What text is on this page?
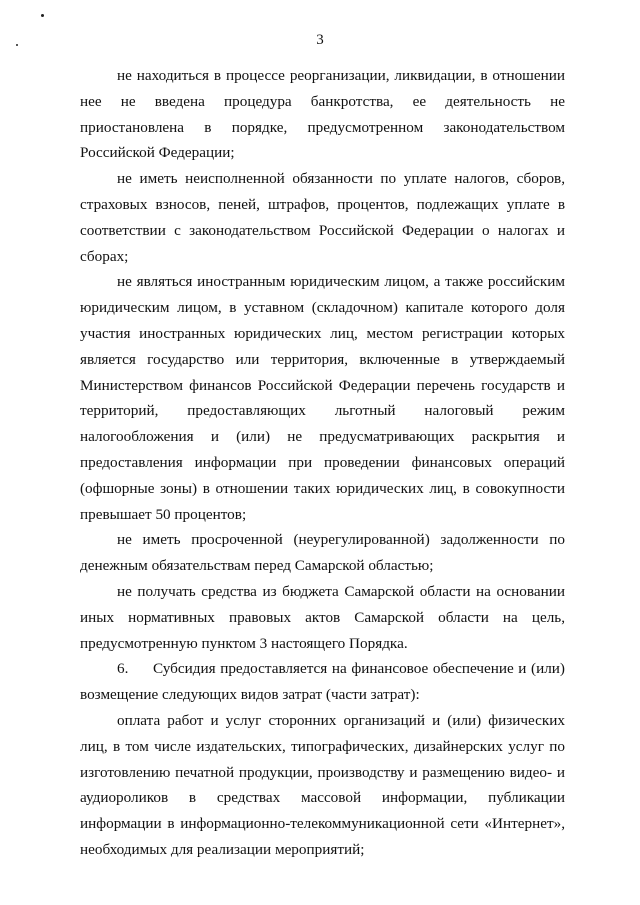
3

не находиться в процессе реорганизации, ликвидации, в отношении нее не введена процедура банкротства, ее деятельность не приостановлена в порядке, предусмотренном законодательством Российской Федерации;

не иметь неисполненной обязанности по уплате налогов, сборов, страховых взносов, пеней, штрафов, процентов, подлежащих уплате в соответствии с законодательством Российской Федерации о налогах и сборах;

не являться иностранным юридическим лицом, а также российским юридическим лицом, в уставном (складочном) капитале которого доля участия иностранных юридических лиц, местом регистрации которых является государство или территория, включенные в утверждаемый Министерством финансов Российской Федерации перечень государств и территорий, предоставляющих льготный налоговый режим налогообложения и (или) не предусматривающих раскрытия и предоставления информации при проведении финансовых операций (офшорные зоны) в отношении таких юридических лиц, в совокупности превышает 50 процентов;

не иметь просроченной (неурегулированной) задолженности по денежным обязательствам перед Самарской областью;

не получать средства из бюджета Самарской области на основании иных нормативных правовых актов Самарской области на цель, предусмотренную пунктом 3 настоящего Порядка.

6. Субсидия предоставляется на финансовое обеспечение и (или) возмещение следующих видов затрат (части затрат):

оплата работ и услуг сторонних организаций и (или) физических лиц, в том числе издательских, типографических, дизайнерских услуг по изготовлению печатной продукции, производству и размещению видео- и аудиороликов в средствах массовой информации, публикации информации в информационно-телекоммуникационной сети «Интернет», необходимых для реализации мероприятий;
